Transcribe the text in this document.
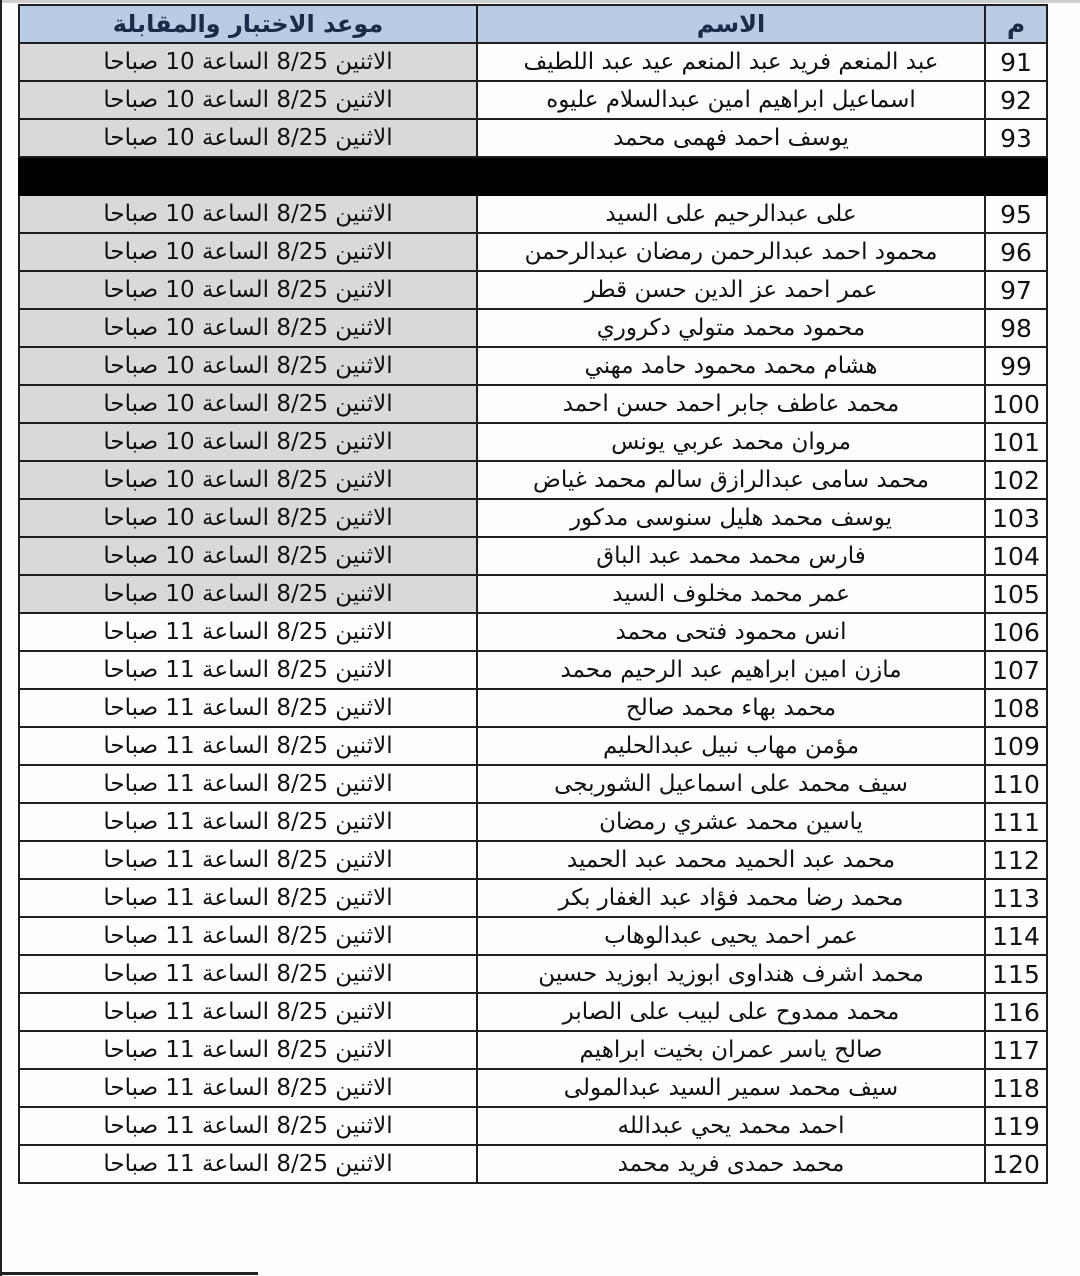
موعد الاختبار والمقابلة	الاسم	م
الاثنين 8/25 الساعة 10 صباحا	عبد المنعم فريد عبد المنعم عيد عبد اللطيف	91
الاثنين 8/25 الساعة 10 صباحا	اسماعيل ابراهيم امين عبدالسلام عليوه	92
الاثنين 8/25 الساعة 10 صباحا	يوسف احمد فهمى محمد	93

الاثنين 8/25 الساعة 10 صباحا	على عبدالرحيم على السيد	95
الاثنين 8/25 الساعة 10 صباحا	محمود احمد عبدالرحمن رمضان عبدالرحمن	96
الاثنين 8/25 الساعة 10 صباحا	عمر احمد عز الدين حسن قطر	97
الاثنين 8/25 الساعة 10 صباحا	محمود محمد متولي دكروري	98
الاثنين 8/25 الساعة 10 صباحا	هشام محمد محمود حامد مهني	99
الاثنين 8/25 الساعة 10 صباحا	محمد عاطف جابر احمد حسن احمد	100
الاثنين 8/25 الساعة 10 صباحا	مروان محمد عربي يونس	101
الاثنين 8/25 الساعة 10 صباحا	محمد سامى عبدالرازق سالم محمد غياض	102
الاثنين 8/25 الساعة 10 صباحا	يوسف محمد هليل سنوسى مدكور	103
الاثنين 8/25 الساعة 10 صباحا	فارس محمد محمد عبد الباق	104
الاثنين 8/25 الساعة 10 صباحا	عمر محمد مخلوف السيد	105
الاثنين 8/25 الساعة 11 صباحا	انس محمود فتحى محمد	106
الاثنين 8/25 الساعة 11 صباحا	مازن امين ابراهيم عبد الرحيم محمد	107
الاثنين 8/25 الساعة 11 صباحا	محمد بهاء محمد صالح	108
الاثنين 8/25 الساعة 11 صباحا	مؤمن مهاب نبيل عبدالحليم	109
الاثنين 8/25 الساعة 11 صباحا	سيف محمد على اسماعيل الشوربجى	110
الاثنين 8/25 الساعة 11 صباحا	ياسين محمد عشري رمضان	111
الاثنين 8/25 الساعة 11 صباحا	محمد عبد الحميد محمد عبد الحميد	112
الاثنين 8/25 الساعة 11 صباحا	محمد رضا محمد فؤاد عبد الغفار بكر	113
الاثنين 8/25 الساعة 11 صباحا	عمر احمد يحيى عبدالوهاب	114
الاثنين 8/25 الساعة 11 صباحا	محمد اشرف هنداوى ابوزيد ابوزيد حسين	115
الاثنين 8/25 الساعة 11 صباحا	محمد ممدوح على لبيب على الصابر	116
الاثنين 8/25 الساعة 11 صباحا	صالح ياسر عمران بخيت ابراهيم	117
الاثنين 8/25 الساعة 11 صباحا	سيف محمد سمير السيد عبدالمولى	118
الاثنين 8/25 الساعة 11 صباحا	احمد محمد يحي عبدالله	119
الاثنين 8/25 الساعة 11 صباحا	محمد حمدى فريد محمد	120
